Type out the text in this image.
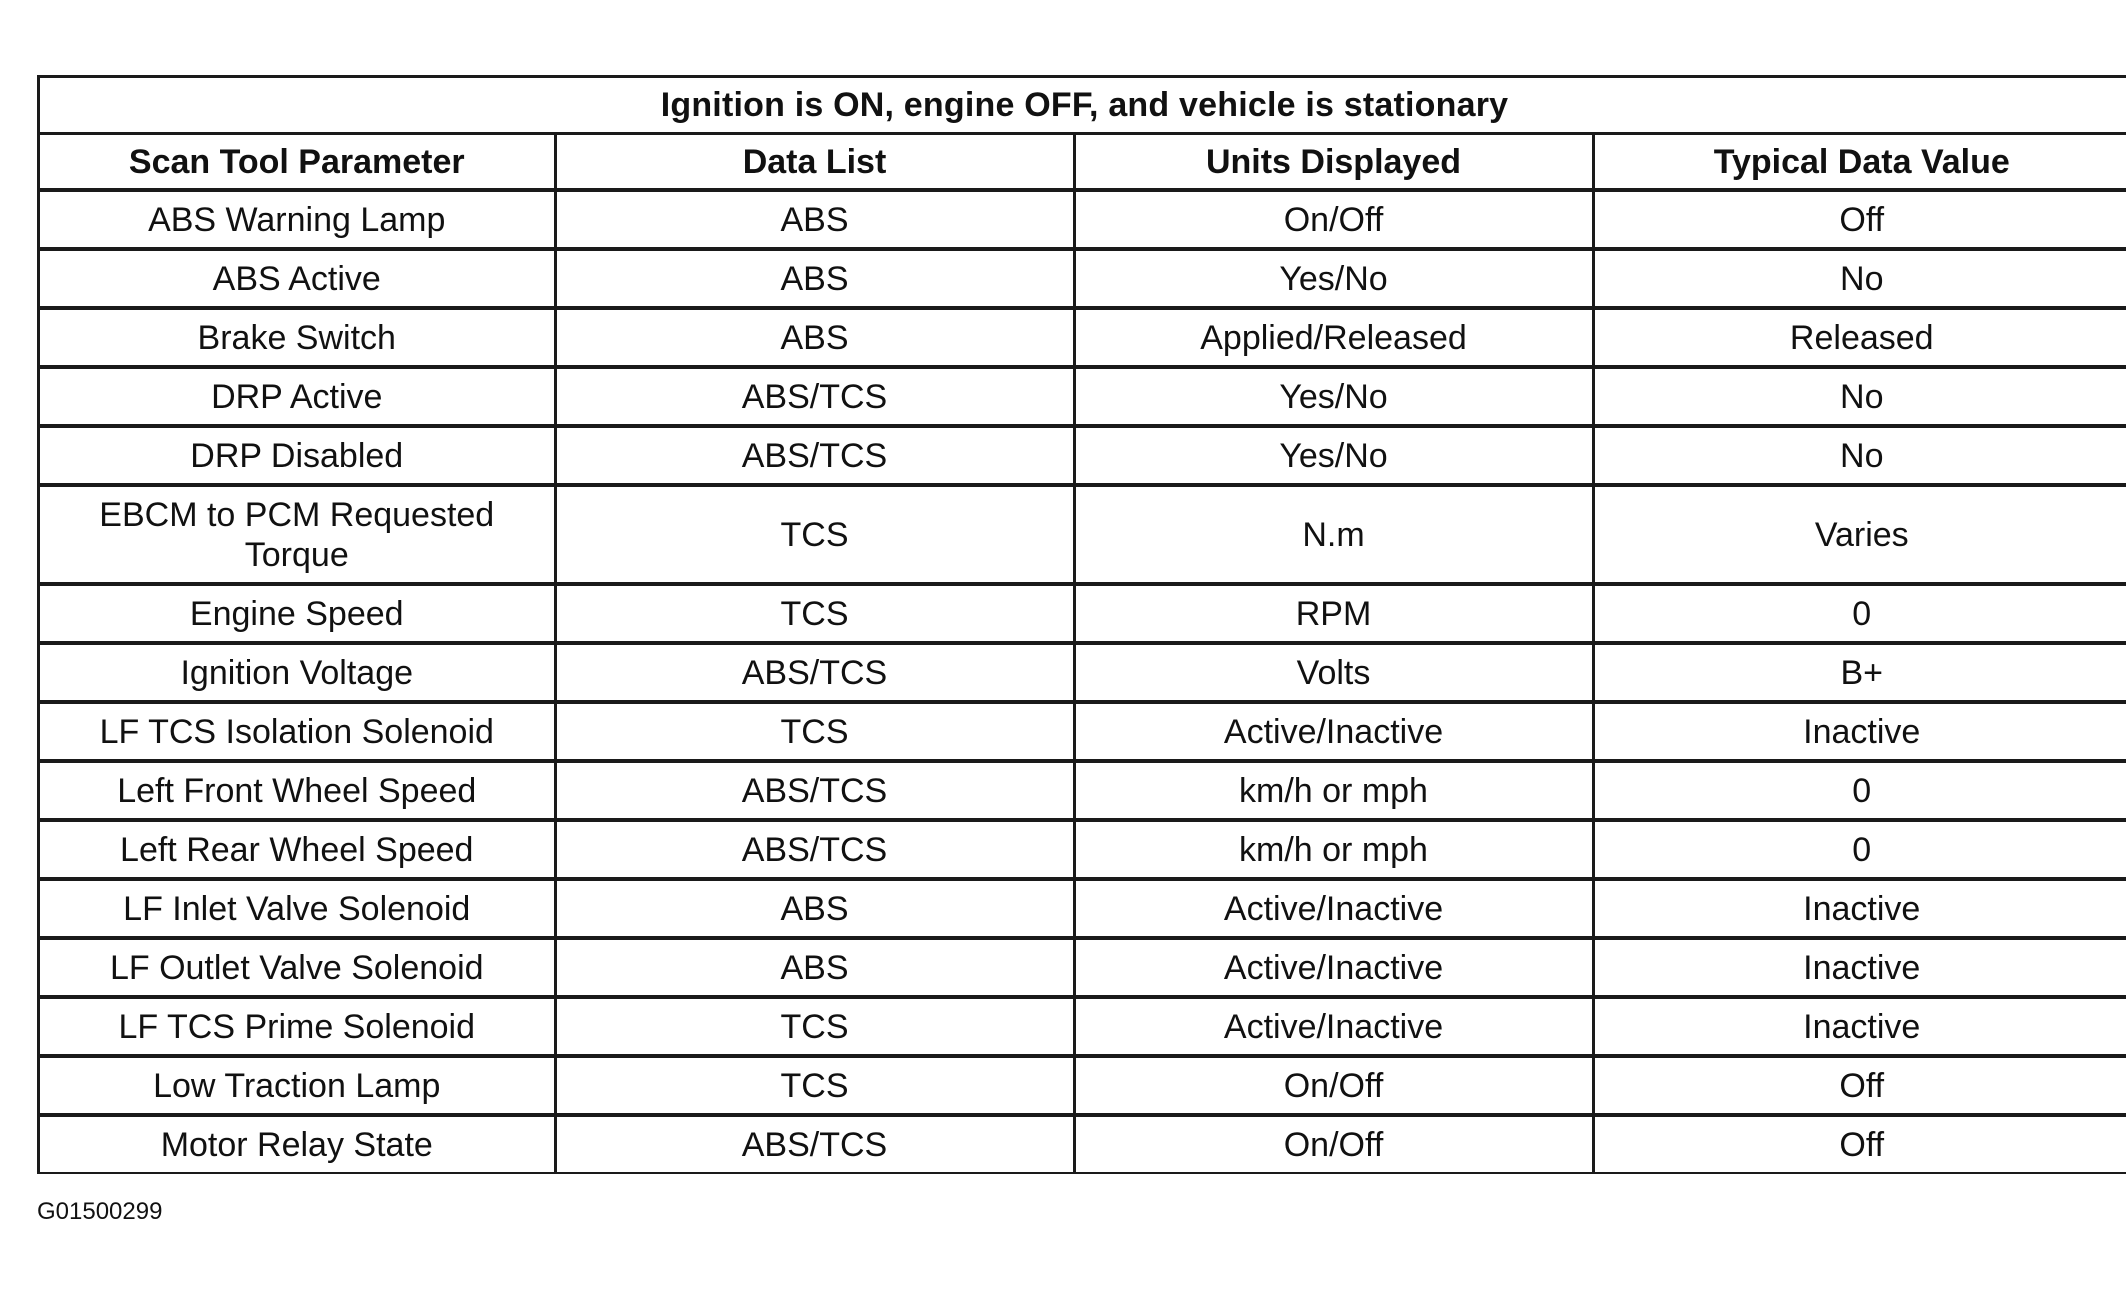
Ignition is ON, engine OFF, and vehicle is stationary
Scan Tool Parameter	Data List	Units Displayed	Typical Data Value
ABS Warning Lamp	ABS	On/Off	Off
ABS Active	ABS	Yes/No	No
Brake Switch	ABS	Applied/Released	Released
DRP Active	ABS/TCS	Yes/No	No
DRP Disabled	ABS/TCS	Yes/No	No
EBCM to PCM Requested Torque	TCS	N.m	Varies
Engine Speed	TCS	RPM	0
Ignition Voltage	ABS/TCS	Volts	B+
LF TCS Isolation Solenoid	TCS	Active/Inactive	Inactive
Left Front Wheel Speed	ABS/TCS	km/h or mph	0
Left Rear Wheel Speed	ABS/TCS	km/h or mph	0
LF Inlet Valve Solenoid	ABS	Active/Inactive	Inactive
LF Outlet Valve Solenoid	ABS	Active/Inactive	Inactive
LF TCS Prime Solenoid	TCS	Active/Inactive	Inactive
Low Traction Lamp	TCS	On/Off	Off
Motor Relay State	ABS/TCS	On/Off	Off
G01500299
